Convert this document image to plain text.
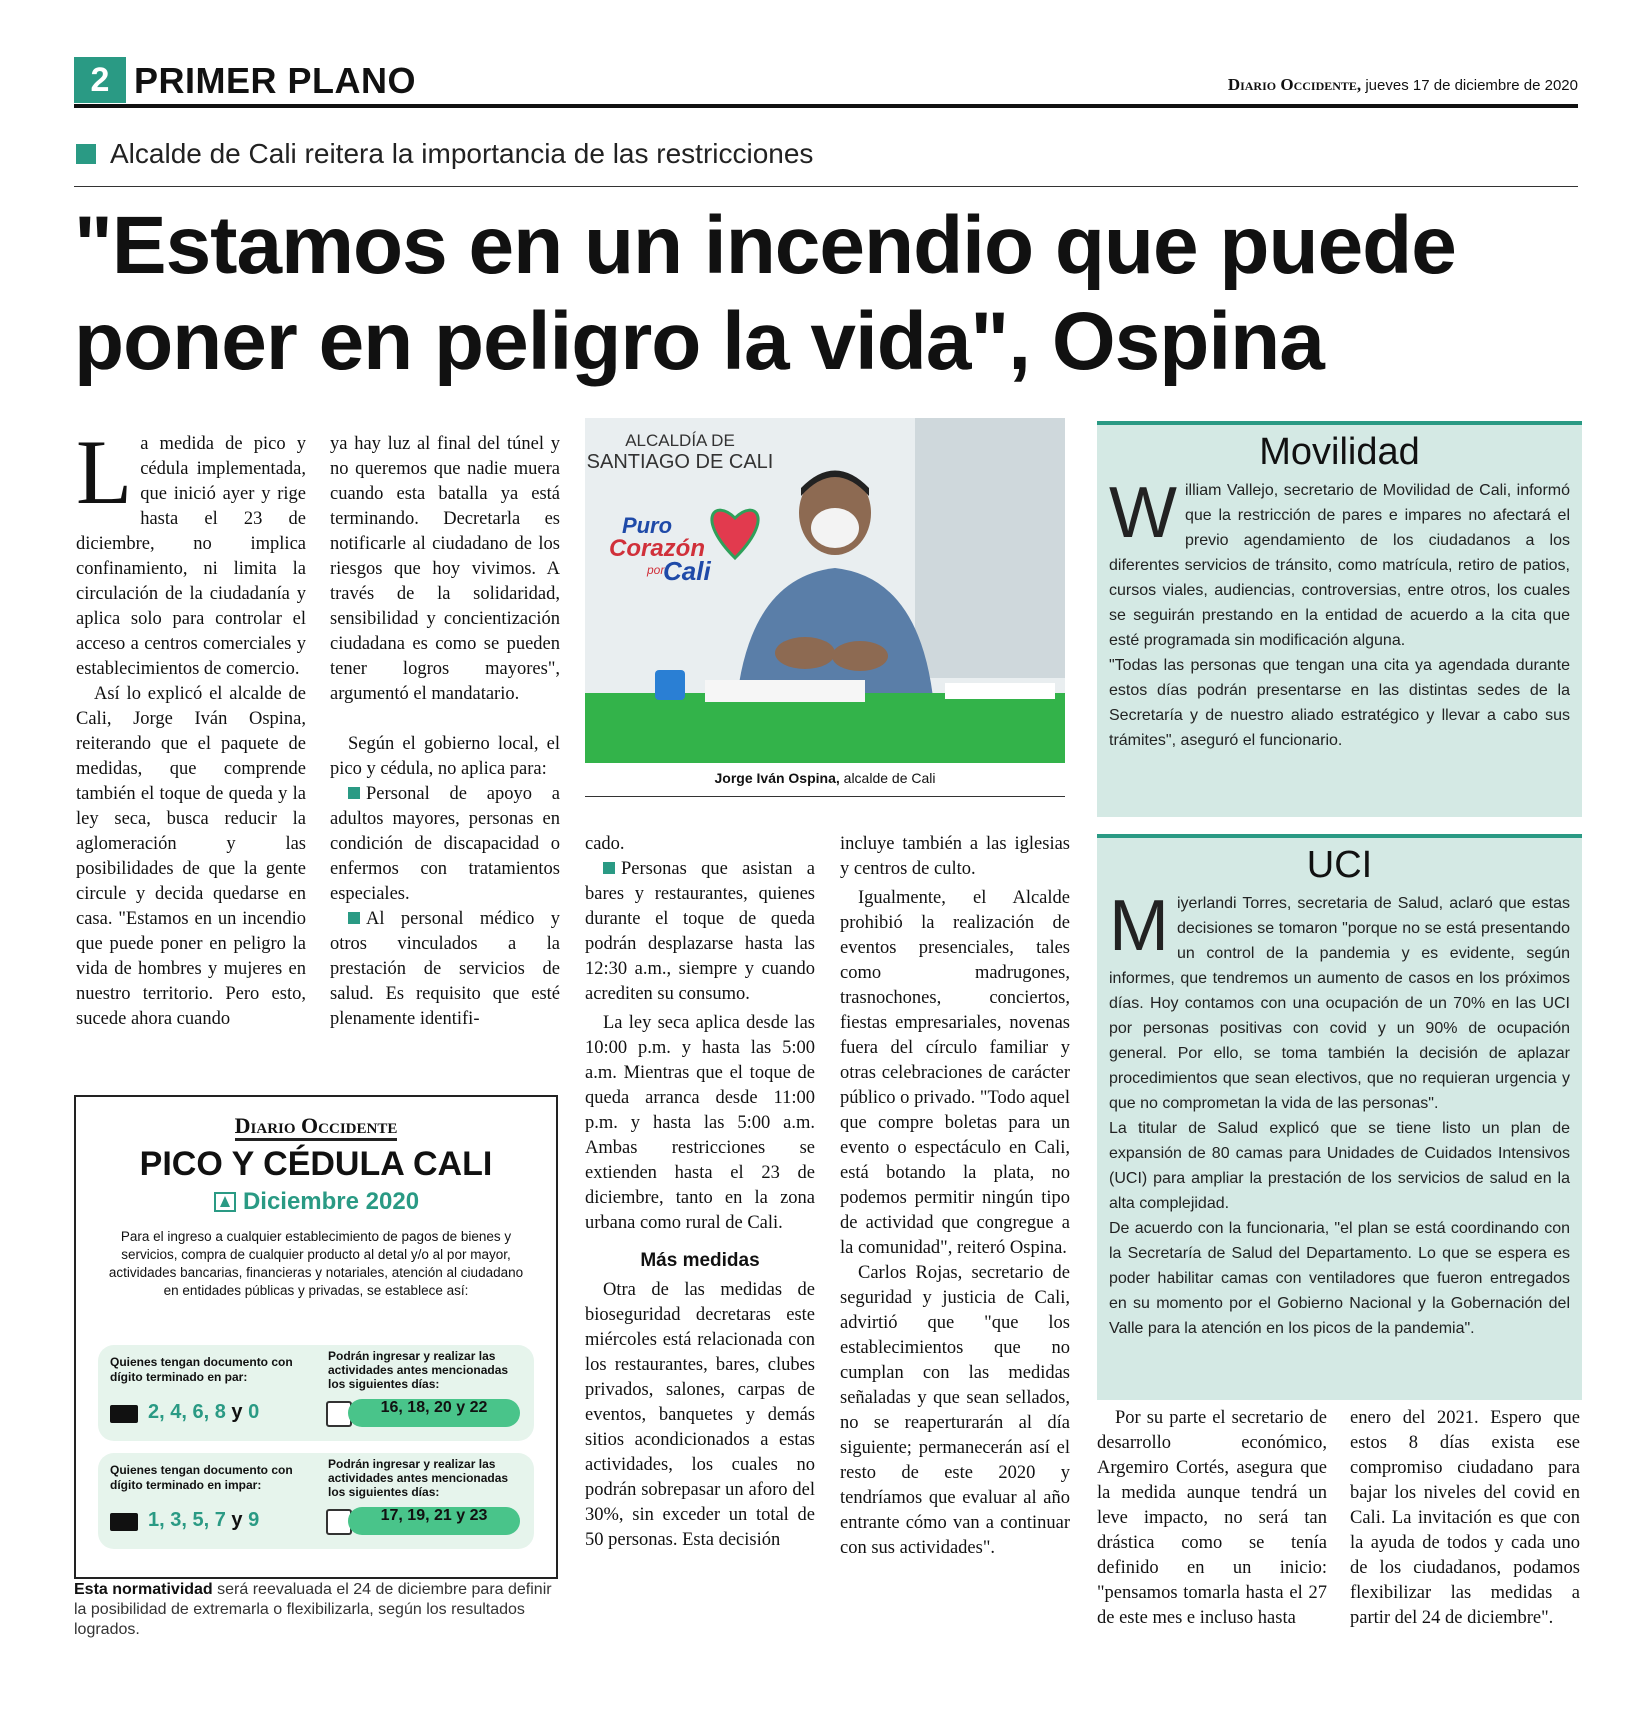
2 PRIMER PLANO	Diario Occidente, jueves 17 de diciembre de 2020
Alcalde de Cali reitera la importancia de las restricciones
"Estamos en un incendio que puede poner en peligro la vida", Ospina

La medida de pico y cédula implementada, que inició ayer y rige hasta el 23 de diciembre, no implica confinamiento, ni limita la circulación de la ciudadanía y aplica solo para controlar el acceso a centros comerciales y establecimientos de comercio.

Así lo explicó el alcalde de Cali, Jorge Iván Ospina, reiterando que el paquete de medidas, que comprende también el toque de queda y la ley seca, busca reducir la aglomeración y las posibilidades de que la gente circule y decida quedarse en casa. "Estamos en un incendio que puede poner en peligro la vida de hombres y mujeres en nuestro territorio. Pero esto, sucede ahora cuando

ya hay luz al final del túnel y no queremos que nadie muera cuando esta batalla ya está terminando. Decretarla es notificarle al ciudadano de los riesgos que hoy vivimos. A través de la solidaridad, sensibilidad y concientización ciudadana es como se pueden tener logros mayores", argumentó el mandatario.

Según el gobierno local, el pico y cédula, no aplica para:

Personal de apoyo a adultos mayores, personas en condición de discapacidad o enfermos con tratamientos especiales.

Al personal médico y otros vinculados a la prestación de servicios de salud. Es requisito que esté plenamente identifi-

ALCALDÍA DE
SANTIAGO DE CALI
Puro
Corazón
por
Cali
Jorge Iván Ospina, alcalde de Cali

cado.

Personas que asistan a bares y restaurantes, quienes durante el toque de queda podrán desplazarse hasta las 12:30 a.m., siempre y cuando acrediten su consumo.

La ley seca aplica desde las 10:00 p.m. y hasta las 5:00 a.m. Mientras que el toque de queda arranca desde 11:00 p.m. y hasta las 5:00 a.m. Ambas restricciones se extienden hasta el 23 de diciembre, tanto en la zona urbana como rural de Cali.

Más medidas

Otra de las medidas de bioseguridad decretaras este miércoles está relacionada con los restaurantes, bares, clubes privados, salones, carpas de eventos, banquetes y demás sitios acondicionados a estas actividades, los cuales no podrán sobrepasar un aforo del 30%, sin exceder un total de 50 personas. Esta decisión

incluye también a las iglesias y centros de culto.

Igualmente, el Alcalde prohibió la realización de eventos presenciales, tales como madrugones, trasnochones, conciertos, fiestas empresariales, novenas fuera del círculo familiar y otras celebraciones de carácter público o privado. "Todo aquel que compre boletas para un evento o espectáculo en Cali, está botando la plata, no podemos permitir ningún tipo de actividad que congregue a la comunidad", reiteró Ospina.

Carlos Rojas, secretario de seguridad y justicia de Cali, advirtió que "que los establecimientos que no cumplan con las medidas señaladas y que sean sellados, no se reaperturarán al día siguiente; permanecerán así el resto de este 2020 y tendríamos que evaluar al año entrante cómo van a continuar con sus actividades".

Movilidad

William Vallejo, secretario de Movilidad de Cali, informó que la restricción de pares e impares no afectará el previo agendamiento de los ciudadanos a los diferentes servicios de tránsito, como matrícula, retiro de patios, cursos viales, audiencias, controversias, entre otros, los cuales se seguirán prestando en la entidad de acuerdo a la cita que esté programada sin modificación alguna.

"Todas las personas que tengan una cita ya agendada durante estos días podrán presentarse en las distintas sedes de la Secretaría y de nuestro aliado estratégico y llevar a cabo sus trámites", aseguró el funcionario.

UCI

Miyerlandi Torres, secretaria de Salud, aclaró que estas decisiones se tomaron "porque no se está presentando un control de la pandemia y es evidente, según informes, que tendremos un aumento de casos en los próximos días. Hoy contamos con una ocupación de un 70% en las UCI por personas positivas con covid y un 90% de ocupación general. Por ello, se toma también la decisión de aplazar procedimientos que sean electivos, que no requieran urgencia y que no comprometan la vida de las personas".

La titular de Salud explicó que se tiene listo un plan de expansión de 80 camas para Unidades de Cuidados Intensivos (UCI) para ampliar la prestación de los servicios de salud en la alta complejidad.

De acuerdo con la funcionaria, "el plan se está coordinando con la Secretaría de Salud del Departamento. Lo que se espera es poder habilitar camas con ventiladores que fueron entregados en su momento por el Gobierno Nacional y la Gobernación del Valle para la atención en los picos de la pandemia".

Por su parte el secretario de desarrollo económico, Argemiro Cortés, asegura que la medida aunque tendrá un leve impacto, no será tan drástica como se tenía definido en un inicio: "pensamos tomarla hasta el 27 de este mes e incluso hasta

enero del 2021. Espero que estos 8 días exista ese compromiso ciudadano para bajar los niveles del covid en Cali. La invitación es que con la ayuda de todos y cada uno de los ciudadanos, podamos flexibilizar las medidas a partir del 24 de diciembre".

Diario Occidente
PICO Y CÉDULA CALI
Diciembre 2020
Para el ingreso a cualquier establecimiento de pagos de bienes y servicios, compra de cualquier producto al detal y/o al por mayor, actividades bancarias, financieras y notariales, atención al ciudadano en entidades públicas y privadas, se establece así:
Quienes tengan documento con dígito terminado en par:
Podrán ingresar y realizar las actividades antes mencionadas los siguientes días:
2, 4, 6, 8 y 0	16, 18, 20 y 22
Quienes tengan documento con dígito terminado en impar:
Podrán ingresar y realizar las actividades antes mencionadas los siguientes días:
1, 3, 5, 7 y 9	17, 19, 21 y 23
Esta normatividad será reevaluada el 24 de diciembre para definir la posibilidad de extremarla o flexibilizarla, según los resultados logrados.
